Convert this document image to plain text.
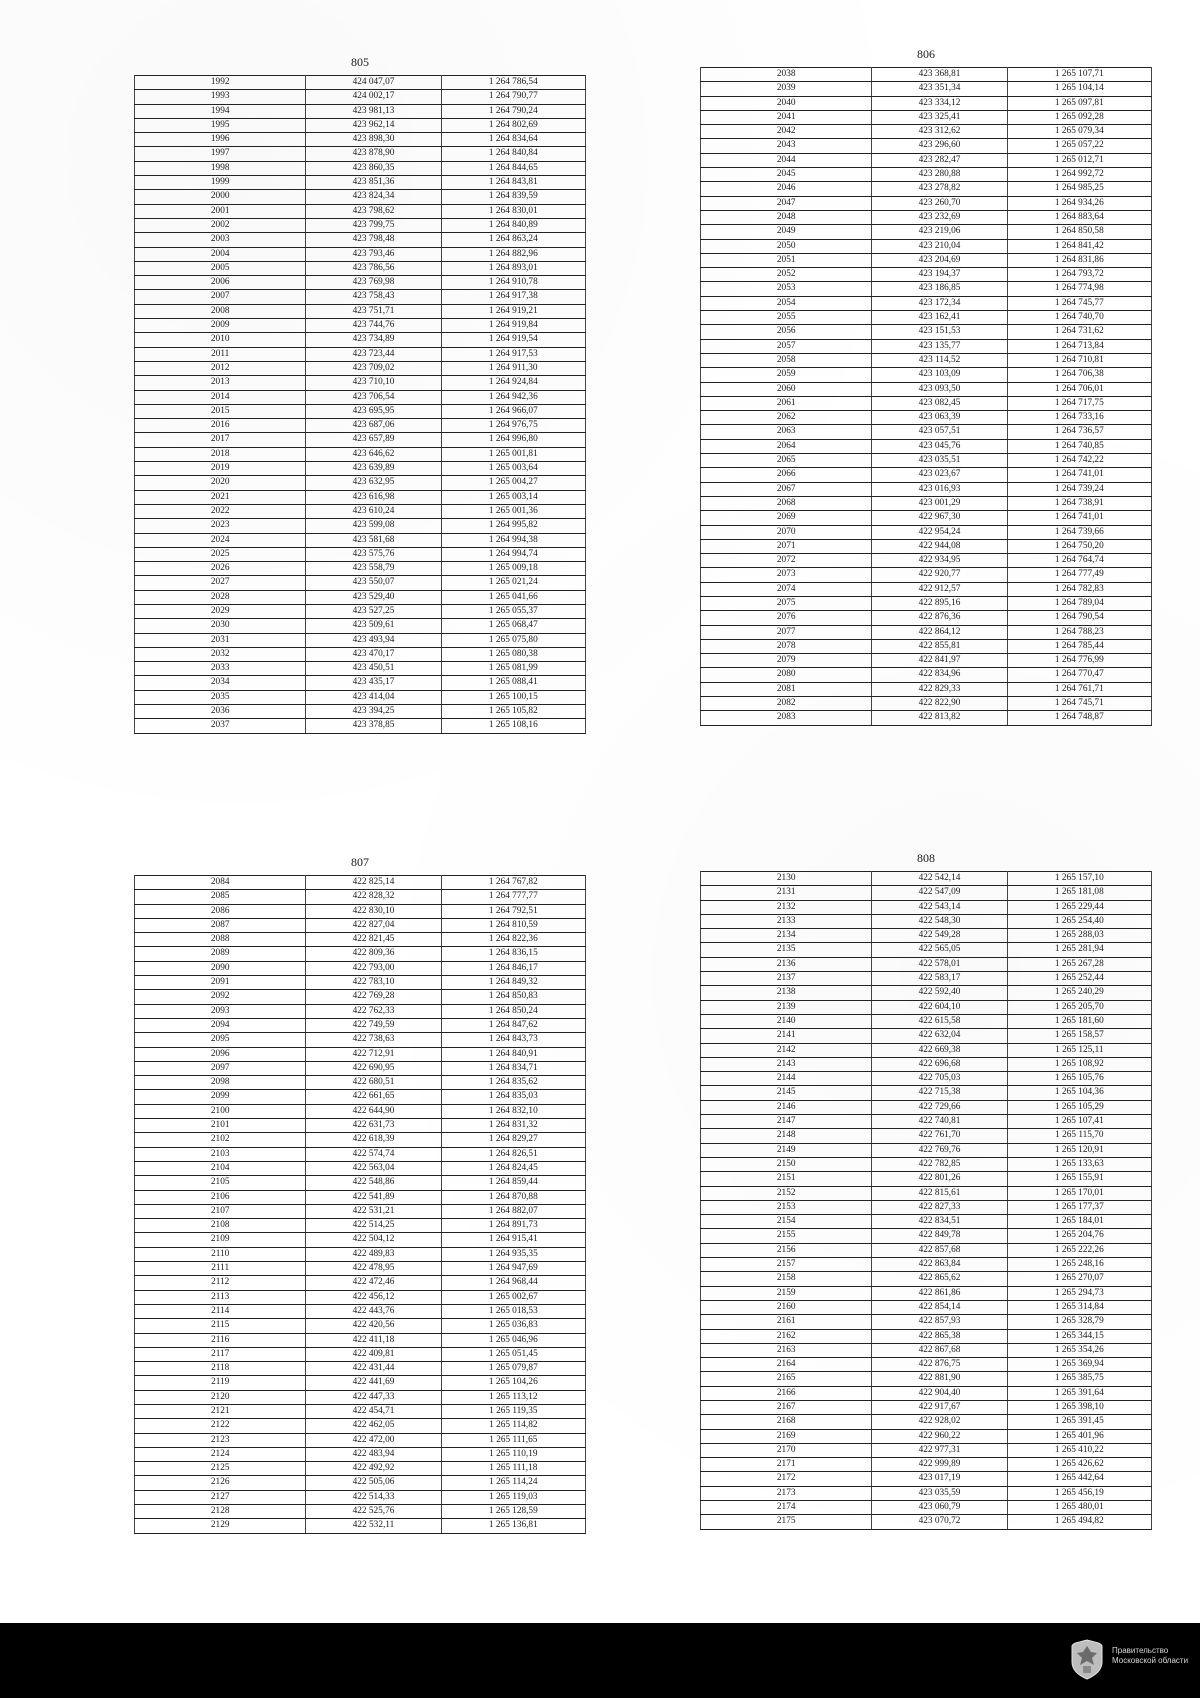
805
1992	424 047,07	1 264 786,54
1993	424 002,17	1 264 790,77
1994	423 981,13	1 264 790,24
1995	423 962,14	1 264 802,69
1996	423 898,30	1 264 834,64
1997	423 878,90	1 264 840,84
1998	423 860,35	1 264 844,65
1999	423 851,36	1 264 843,81
2000	423 824,34	1 264 839,59
2001	423 798,62	1 264 830,01
2002	423 799,75	1 264 840,89
2003	423 798,48	1 264 863,24
2004	423 793,46	1 264 882,96
2005	423 786,56	1 264 893,01
2006	423 769,98	1 264 910,78
2007	423 758,43	1 264 917,38
2008	423 751,71	1 264 919,21
2009	423 744,76	1 264 919,84
2010	423 734,89	1 264 919,54
2011	423 723,44	1 264 917,53
2012	423 709,02	1 264 911,30
2013	423 710,10	1 264 924,84
2014	423 706,54	1 264 942,36
2015	423 695,95	1 264 966,07
2016	423 687,06	1 264 976,75
2017	423 657,89	1 264 996,80
2018	423 646,62	1 265 001,81
2019	423 639,89	1 265 003,64
2020	423 632,95	1 265 004,27
2021	423 616,98	1 265 003,14
2022	423 610,24	1 265 001,36
2023	423 599,08	1 264 995,82
2024	423 581,68	1 264 994,38
2025	423 575,76	1 264 994,74
2026	423 558,79	1 265 009,18
2027	423 550,07	1 265 021,24
2028	423 529,40	1 265 041,66
2029	423 527,25	1 265 055,37
2030	423 509,61	1 265 068,47
2031	423 493,94	1 265 075,80
2032	423 470,17	1 265 080,38
2033	423 450,51	1 265 081,99
2034	423 435,17	1 265 088,41
2035	423 414,04	1 265 100,15
2036	423 394,25	1 265 105,82
2037	423 378,85	1 265 108,16
806
2038	423 368,81	1 265 107,71
2039	423 351,34	1 265 104,14
2040	423 334,12	1 265 097,81
2041	423 325,41	1 265 092,28
2042	423 312,62	1 265 079,34
2043	423 296,60	1 265 057,22
2044	423 282,47	1 265 012,71
2045	423 280,88	1 264 992,72
2046	423 278,82	1 264 985,25
2047	423 260,70	1 264 934,26
2048	423 232,69	1 264 883,64
2049	423 219,06	1 264 850,58
2050	423 210,04	1 264 841,42
2051	423 204,69	1 264 831,86
2052	423 194,37	1 264 793,72
2053	423 186,85	1 264 774,98
2054	423 172,34	1 264 745,77
2055	423 162,41	1 264 740,70
2056	423 151,53	1 264 731,62
2057	423 135,77	1 264 713,84
2058	423 114,52	1 264 710,81
2059	423 103,09	1 264 706,38
2060	423 093,50	1 264 706,01
2061	423 082,45	1 264 717,75
2062	423 063,39	1 264 733,16
2063	423 057,51	1 264 736,57
2064	423 045,76	1 264 740,85
2065	423 035,51	1 264 742,22
2066	423 023,67	1 264 741,01
2067	423 016,93	1 264 739,24
2068	423 001,29	1 264 738,91
2069	422 967,30	1 264 741,01
2070	422 954,24	1 264 739,66
2071	422 944,08	1 264 750,20
2072	422 934,95	1 264 764,74
2073	422 920,77	1 264 777,49
2074	422 912,57	1 264 782,83
2075	422 895,16	1 264 789,04
2076	422 876,36	1 264 790,54
2077	422 864,12	1 264 788,23
2078	422 855,81	1 264 785,44
2079	422 841,97	1 264 776,99
2080	422 834,96	1 264 770,47
2081	422 829,33	1 264 761,71
2082	422 822,90	1 264 745,71
2083	422 813,82	1 264 748,87
807
2084	422 825,14	1 264 767,82
2085	422 828,32	1 264 777,77
2086	422 830,10	1 264 792,51
2087	422 827,04	1 264 810,59
2088	422 821,45	1 264 822,36
2089	422 809,36	1 264 836,15
2090	422 793,00	1 264 846,17
2091	422 783,10	1 264 849,32
2092	422 769,28	1 264 850,83
2093	422 762,33	1 264 850,24
2094	422 749,59	1 264 847,62
2095	422 738,63	1 264 843,73
2096	422 712,91	1 264 840,91
2097	422 690,95	1 264 834,71
2098	422 680,51	1 264 835,62
2099	422 661,65	1 264 835,03
2100	422 644,90	1 264 832,10
2101	422 631,73	1 264 831,32
2102	422 618,39	1 264 829,27
2103	422 574,74	1 264 826,51
2104	422 563,04	1 264 824,45
2105	422 548,86	1 264 859,44
2106	422 541,89	1 264 870,88
2107	422 531,21	1 264 882,07
2108	422 514,25	1 264 891,73
2109	422 504,12	1 264 915,41
2110	422 489,83	1 264 935,35
2111	422 478,95	1 264 947,69
2112	422 472,46	1 264 968,44
2113	422 456,12	1 265 002,67
2114	422 443,76	1 265 018,53
2115	422 420,56	1 265 036,83
2116	422 411,18	1 265 046,96
2117	422 409,81	1 265 051,45
2118	422 431,44	1 265 079,87
2119	422 441,69	1 265 104,26
2120	422 447,33	1 265 113,12
2121	422 454,71	1 265 119,35
2122	422 462,05	1 265 114,82
2123	422 472,00	1 265 111,65
2124	422 483,94	1 265 110,19
2125	422 492,92	1 265 111,18
2126	422 505,06	1 265 114,24
2127	422 514,33	1 265 119,03
2128	422 525,76	1 265 128,59
2129	422 532,11	1 265 136,81
808
2130	422 542,14	1 265 157,10
2131	422 547,09	1 265 181,08
2132	422 543,14	1 265 229,44
2133	422 548,30	1 265 254,40
2134	422 549,28	1 265 288,03
2135	422 565,05	1 265 281,94
2136	422 578,01	1 265 267,28
2137	422 583,17	1 265 252,44
2138	422 592,40	1 265 240,29
2139	422 604,10	1 265 205,70
2140	422 615,58	1 265 181,60
2141	422 632,04	1 265 158,57
2142	422 669,38	1 265 125,11
2143	422 696,68	1 265 108,92
2144	422 705,03	1 265 105,76
2145	422 715,38	1 265 104,36
2146	422 729,66	1 265 105,29
2147	422 740,81	1 265 107,41
2148	422 761,70	1 265 115,70
2149	422 769,76	1 265 120,91
2150	422 782,85	1 265 133,63
2151	422 801,26	1 265 155,91
2152	422 815,61	1 265 170,01
2153	422 827,33	1 265 177,37
2154	422 834,51	1 265 184,01
2155	422 849,78	1 265 204,76
2156	422 857,68	1 265 222,26
2157	422 863,84	1 265 248,16
2158	422 865,62	1 265 270,07
2159	422 861,86	1 265 294,73
2160	422 854,14	1 265 314,84
2161	422 857,93	1 265 328,79
2162	422 865,38	1 265 344,15
2163	422 867,68	1 265 354,26
2164	422 876,75	1 265 369,94
2165	422 881,90	1 265 385,75
2166	422 904,40	1 265 391,64
2167	422 917,67	1 265 398,10
2168	422 928,02	1 265 391,45
2169	422 960,22	1 265 401,96
2170	422 977,31	1 265 410,22
2171	422 999,89	1 265 426,62
2172	423 017,19	1 265 442,64
2173	423 035,59	1 265 456,19
2174	423 060,79	1 265 480,01
2175	423 070,72	1 265 494,82
Правительство
Московской области
